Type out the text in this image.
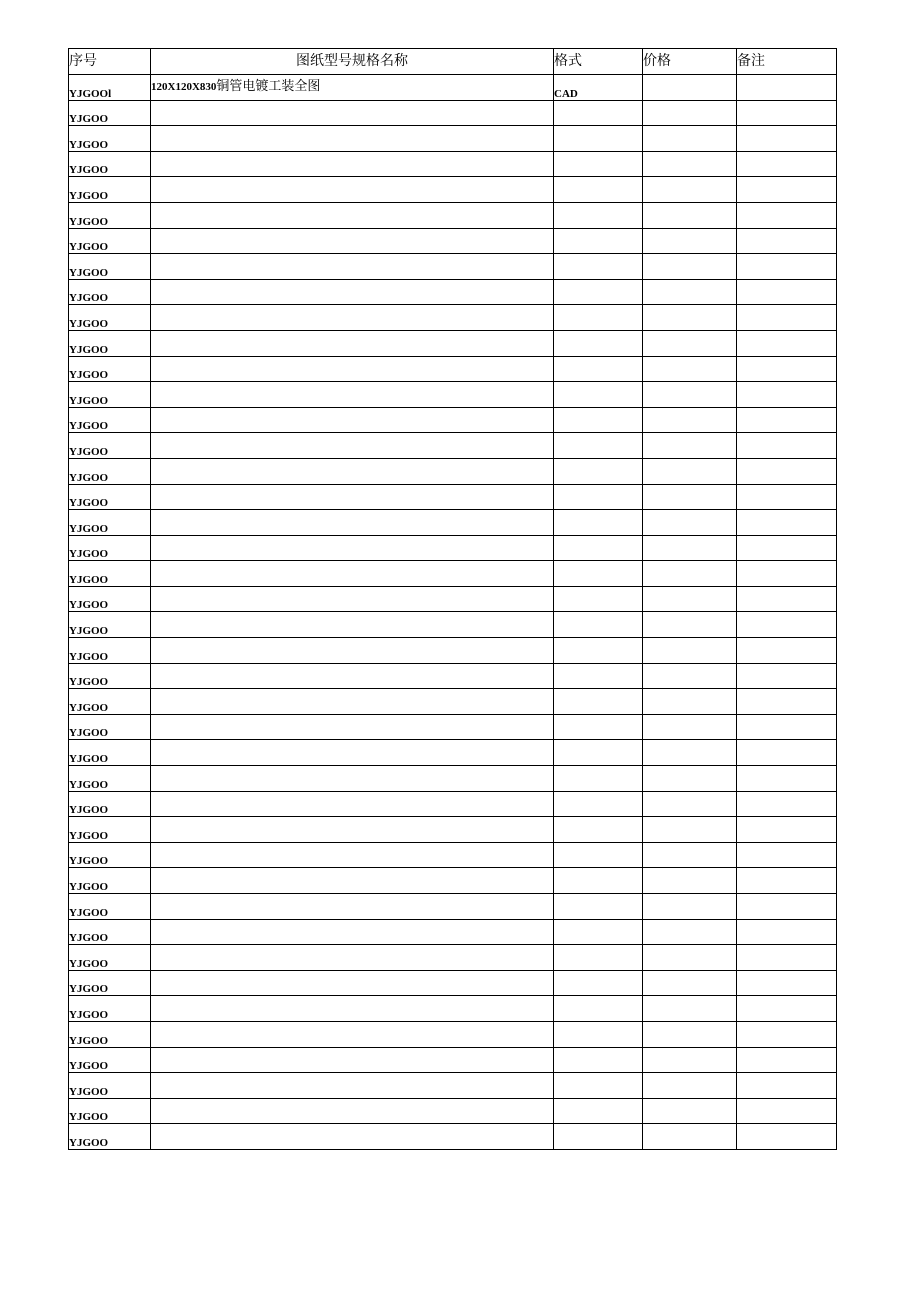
序号	图纸型号规格名称	格式	价格	备注
YJGOOl	120X120X830铜管电镀工装全图	CAD		
YJGOO				
YJGOO				
YJGOO				
YJGOO				
YJGOO				
YJGOO				
YJGOO				
YJGOO				
YJGOO				
YJGOO				
YJGOO				
YJGOO				
YJGOO				
YJGOO				
YJGOO				
YJGOO				
YJGOO				
YJGOO				
YJGOO				
YJGOO				
YJGOO				
YJGOO				
YJGOO				
YJGOO				
YJGOO				
YJGOO				
YJGOO				
YJGOO				
YJGOO				
YJGOO				
YJGOO				
YJGOO				
YJGOO				
YJGOO				
YJGOO				
YJGOO				
YJGOO				
YJGOO				
YJGOO				
YJGOO				
YJGOO				
